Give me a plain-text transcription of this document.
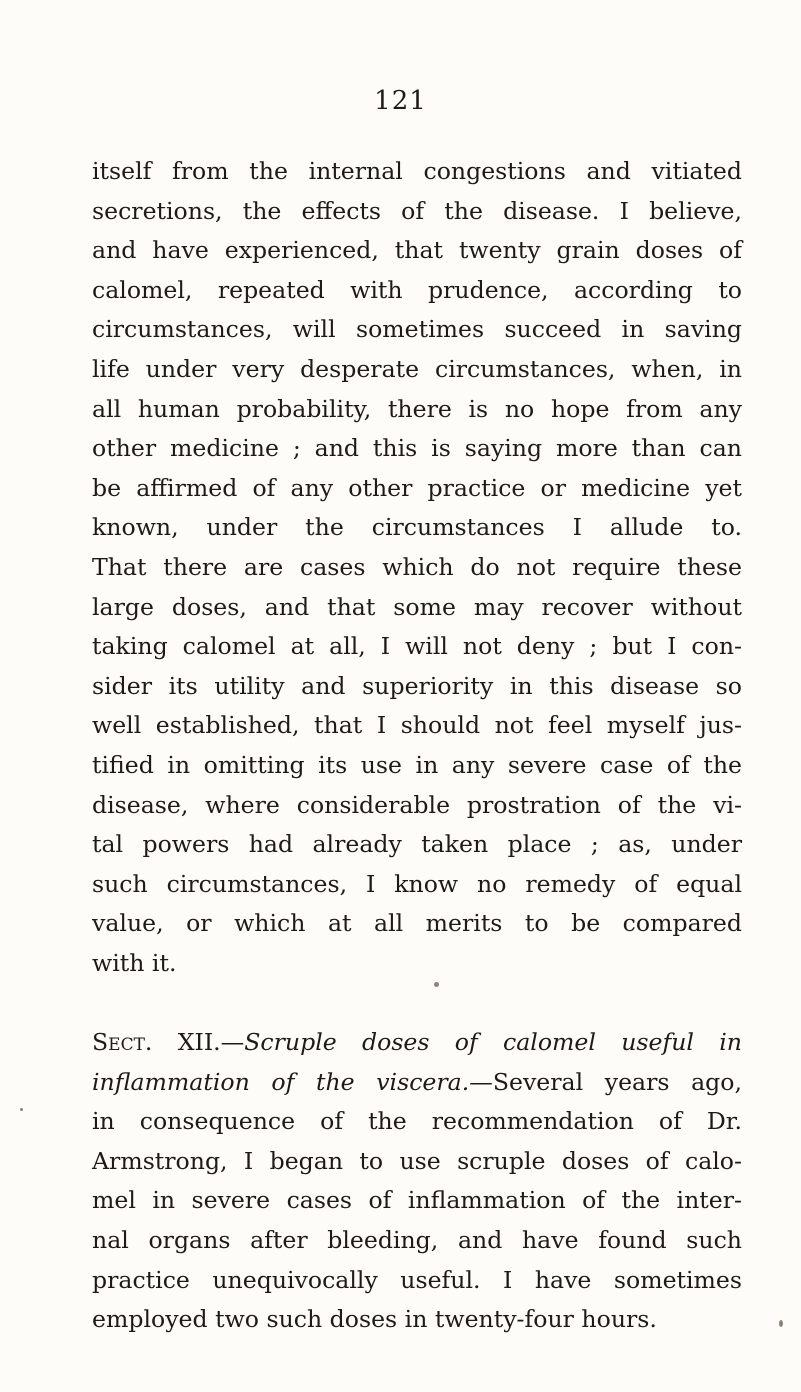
121
itself from the internal congestions and vitiated
secretions, the effects of the disease. I believe,
and have experienced, that twenty grain doses of
calomel, repeated with prudence, according to
circumstances, will sometimes succeed in saving
life under very desperate circumstances, when, in
all human probability, there is no hope from any
other medicine ; and this is saying more than can
be affirmed of any other practice or medicine yet
known, under the circumstances I allude to.
That there are cases which do not require these
large doses, and that some may recover without
taking calomel at all, I will not deny ; but I con-
sider its utility and superiority in this disease so
well established, that I should not feel myself jus-
tified in omitting its use in any severe case of the
disease, where considerable prostration of the vi-
tal powers had already taken place ; as, under
such circumstances, I know no remedy of equal
value, or which at all merits to be compared
with it.
Sect. XII.—Scruple doses of calomel useful in
inflammation of the viscera.—Several years ago,
in consequence of the recommendation of Dr.
Armstrong, I began to use scruple doses of calo-
mel in severe cases of inflammation of the inter-
nal organs after bleeding, and have found such
practice unequivocally useful. I have sometimes
employed two such doses in twenty-four hours.
